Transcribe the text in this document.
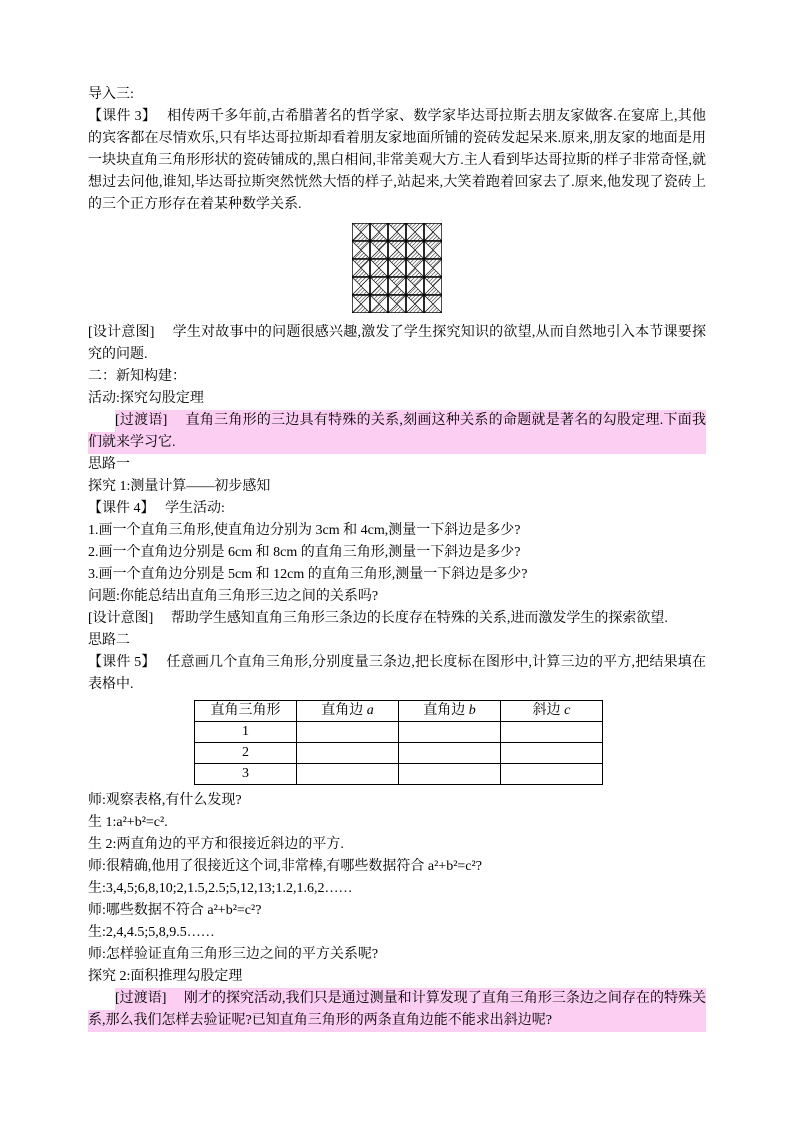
导入三:

【课件 3】　 相传两千多年前,古希腊著名的哲学家、数学家毕达哥拉斯去朋友家做客.在宴席上,其他的宾客都在尽情欢乐,只有毕达哥拉斯却看着朋友家地面所铺的瓷砖发起呆来.原来,朋友家的地面是用一块块直角三角形形状的瓷砖铺成的,黑白相间,非常美观大方.主人看到毕达哥拉斯的样子非常奇怪,就想过去问他,谁知,毕达哥拉斯突然恍然大悟的样子,站起来,大笑着跑着回家去了.原来,他发现了瓷砖上的三个正方形存在着某种数学关系.

[设计意图]　 学生对故事中的问题很感兴趣,激发了学生探究知识的欲望,从而自然地引入本节课要探究的问题.

二：新知构建：

活动:探究勾股定理

[过渡语]　 直角三角形的三边具有特殊的关系,刻画这种关系的命题就是著名的勾股定理.下面我们就来学习它.

思路一

探究 1:测量计算——初步感知

【课件 4】　 学生活动:

1.画一个直角三角形,使直角边分别为 3cm 和 4cm,测量一下斜边是多少?

2.画一个直角边分别是 6cm 和 8cm 的直角三角形,测量一下斜边是多少?

3.画一个直角边分别是 5cm 和 12cm 的直角三角形,测量一下斜边是多少?

问题:你能总结出直角三角形三边之间的关系吗?

[设计意图]　 帮助学生感知直角三角形三条边的长度存在特殊的关系,进而激发学生的探索欲望.

思路二

【课件 5】　 任意画几个直角三角形,分别度量三条边,把长度标在图形中,计算三边的平方,把结果填在表格中.

直角三角形	直角边 a	直角边 b	斜边 c
1			
2			
3			

师:观察表格,有什么发现?

生 1:a²+b²=c².

生 2:两直角边的平方和很接近斜边的平方.

师:很精确,他用了很接近这个词,非常棒,有哪些数据符合 a²+b²=c²?

生:3,4,5;6,8,10;2,1.5,2.5;5,12,13;1.2,1.6,2……

师:哪些数据不符合 a²+b²=c²?

生:2,4,4.5;5,8,9.5……

师:怎样验证直角三角形三边之间的平方关系呢?

探究 2:面积推理勾股定理

[过渡语]　 刚才的探究活动,我们只是通过测量和计算发现了直角三角形三条边之间存在的特殊关系,那么我们怎样去验证呢?已知直角三角形的两条直角边能不能求出斜边呢?
